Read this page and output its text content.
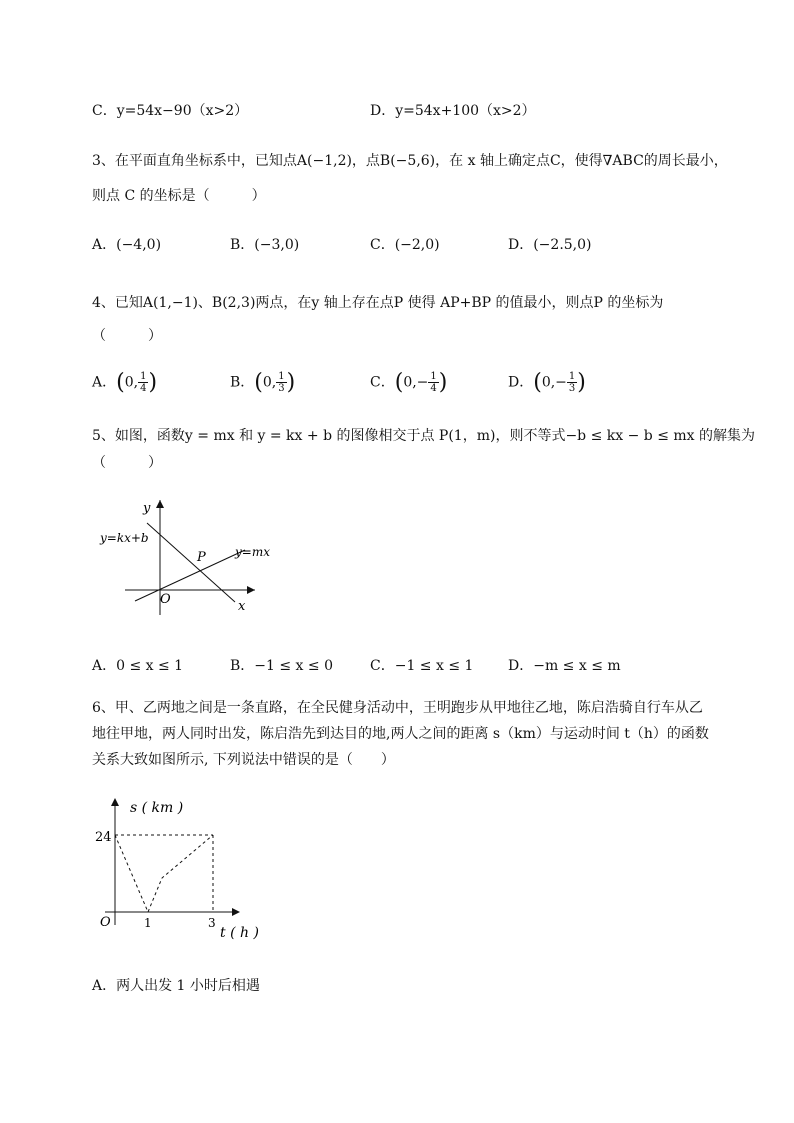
C．y=54x−90（x>2）	D．y=54x+100（x>2）
3、在平面直角坐标系中，已知点A(−1,2)，点B(−5,6)，在 x 轴上确定点C，使得∇ABC的周长最小，
则点 C 的坐标是（　　　）
A．(−4,0)	B．(−3,0)	C．(−2,0)	D．(−2.5,0)
4、已知A(1,−1)、B(2,3)两点，在y 轴上存在点P 使得 AP+BP 的值最小，则点P 的坐标为
（　　　）
A．(0, $\frac{1}{4}$ )	B．(0, $\frac{1}{3}$ )	C．($0,- \frac{1}{4}$ )	D．($0,- \frac{1}{3}$ )
5、如图，函数y = mx 和 y = kx + b 的图像相交于点 P(1，m)，则不等式−b ≤ kx − b ≤ mx 的解集为
（　　　）
y
x
O
P
y=kx+b
y=mx
A．0 ≤ x ≤ 1	B．−1 ≤ x ≤ 0	C．−1 ≤ x ≤ 1 D．−m ≤ x ≤ m
6、甲、乙两地之间是一条直路，在全民健身活动中，王明跑步从甲地往乙地，陈启浩骑自行车从乙
地往甲地，两人同时出发，陈启浩先到达目的地,两人之间的距离 s（km）与运动时间 t（h）的函数
关系大致如图所示, 下列说法中错误的是（　　）
s ( km )
t ( h )
O
24
1	3
A．两人出发 1 小时后相遇
